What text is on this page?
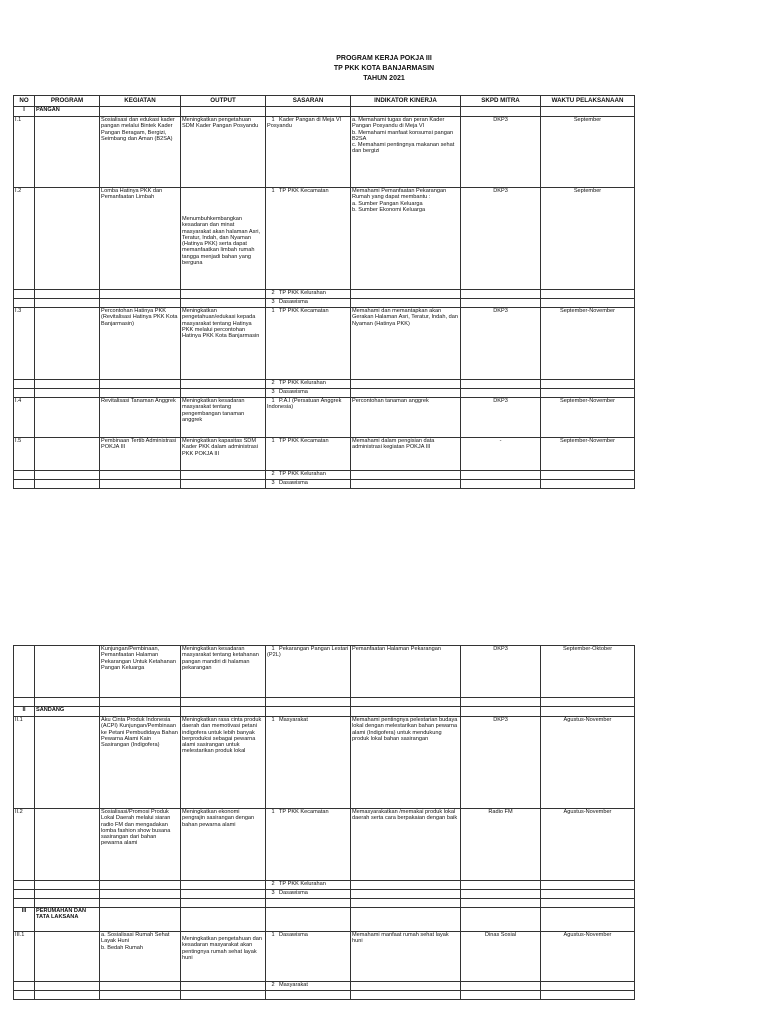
PROGRAM KERJA POKJA III
TP PKK KOTA BANJARMASIN
TAHUN 2021
NO	PROGRAM	KEGIATAN	OUTPUT	SASARAN	INDIKATOR KINERJA	SKPD MITRA	WAKTU PELAKSANAAN
I	PANGAN						
I.1		Sosialisasi dan edukasi kader pangan melalui Bintek Kader Pangan Beragam, Bergizi, Seimbang dan Aman (B2SA)	Meningkatkan pengetahuan SDM Kader Pangan Posyandu	1 Kader Pangan di Meja VI Posyandu	a. Memahami tugas dan peran Kader Pangan Posyandu di Meja VI
b. Memahami manfaat konsumsi pangan B2SA
c. Memahami pentingnya makanan sehat dan bergizi	DKP3	September
I.2		Lomba Hatinya PKK dan Pemanfaatan Limbah	Menumbuhkembangkan kesadaran dan minat masyarakat akan halaman Asri, Teratur, Indah, dan Nyaman (Hatinya PKK) serta dapat memanfaatkan limbah rumah tangga menjadi bahan yang berguna	1 TP PKK Kecamatan	Memahami Pemanfaatan Pekarangan Rumah yang dapat membantu :
a. Sumber Pangan Keluarga
b. Sumber Ekonomi Keluarga	DKP3	September
				2 TP PKK Kelurahan			
				3 Dasawisma			
I.3		Percontohan Hatinya PKK (Revitalisasi Hatinya PKK Kota Banjarmasin)	Meningkatkan pengetahuan/edukasi kepada masyarakat tentang Hatinya PKK melalui percontohan Hatinya PKK Kota Banjarmasin	1 TP PKK Kecamatan	Memahami dan memantapkan akan Gerakan Halaman Asri, Teratur, Indah, dan Nyaman (Hatinya PKK)	DKP3	September-November
				2 TP PKK Kelurahan			
				3 Dasawisma			
I.4		Revitalisasi Tanaman Anggrek	Meningkatkan kesadaran masyarakat tentang pengembangan tanaman anggrek	1 P.A.I (Persatuan Anggrek Indonesia)	Percontohan tanaman anggrek	DKP3	September-November
I.5		Pembinaan Tertib Administrasi POKJA III	Meningkatkan kapasitas SDM Kader PKK dalam administrasi PKK POKJA III	1 TP PKK Kecamatan	Memahami dalam pengisian data administrasi kegiatan POKJA III	-	September-November
				2 TP PKK Kelurahan			
				3 Dasawisma			
		Kunjungan/Pembinaan, Pemanfaatan Halaman Pekarangan Untuk Ketahanan Pangan Keluarga	Meningkatkan kesadaran masyarakat tentang ketahanan pangan mandiri di halaman pekarangan	1 Pekarangan Pangan Lestari (P2L)	Pemanfaatan Halaman Pekarangan	DKP3	September-Oktober

II	SANDANG						
II.1		Aku Cinta Produk Indonesia (ACPI) Kunjungan/Pembinaan ke Petani Pembudidaya Bahan Pewarna Alami Kain Sasirangan (Indigofera)	Meningkatkan rasa cinta produk daerah dan memotivasi petani indigofera untuk lebih banyak berproduksi sebagai pewarna alami sasirangan untuk melestarikan produk lokal	1 Masyarakat	Memahami pentingnya pelestarian budaya lokal dengan melestarikan bahan pewarna alami (Indigofera) untuk mendukung produk lokal bahan sasirangan	DKP3	Agustus-November
II.2		Sosialisasi/Promosi Produk Lokal Daerah melalui siaran radio FM dan mengadakan lomba fashion show busana sasirangan dari bahan pewarna alami	Meningkatkan ekonomi pengrajin sasirangan dengan bahan pewarna alami	1 TP PKK Kecamatan	Memasyarakatkan /memakai produk lokal daerah serta cara berpakaian dengan baik	Radio FM	Agustus-November
				2 TP PKK Kelurahan			
				3 Dasawisma			

III	PERUMAHAN DAN TATA LAKSANA						
III.1		a. Sosialisasi Rumah Sehat Layak Huni
b. Bedah Rumah	Meningkatkan pengetahuan dan kesadaran masyarakat akan pentingnya rumah sehat layak huni	1 Dasawisma	Memahami manfaat rumah sehat layak huni	Dinas Sosial	Agustus-November
				2 Masyarakat			
